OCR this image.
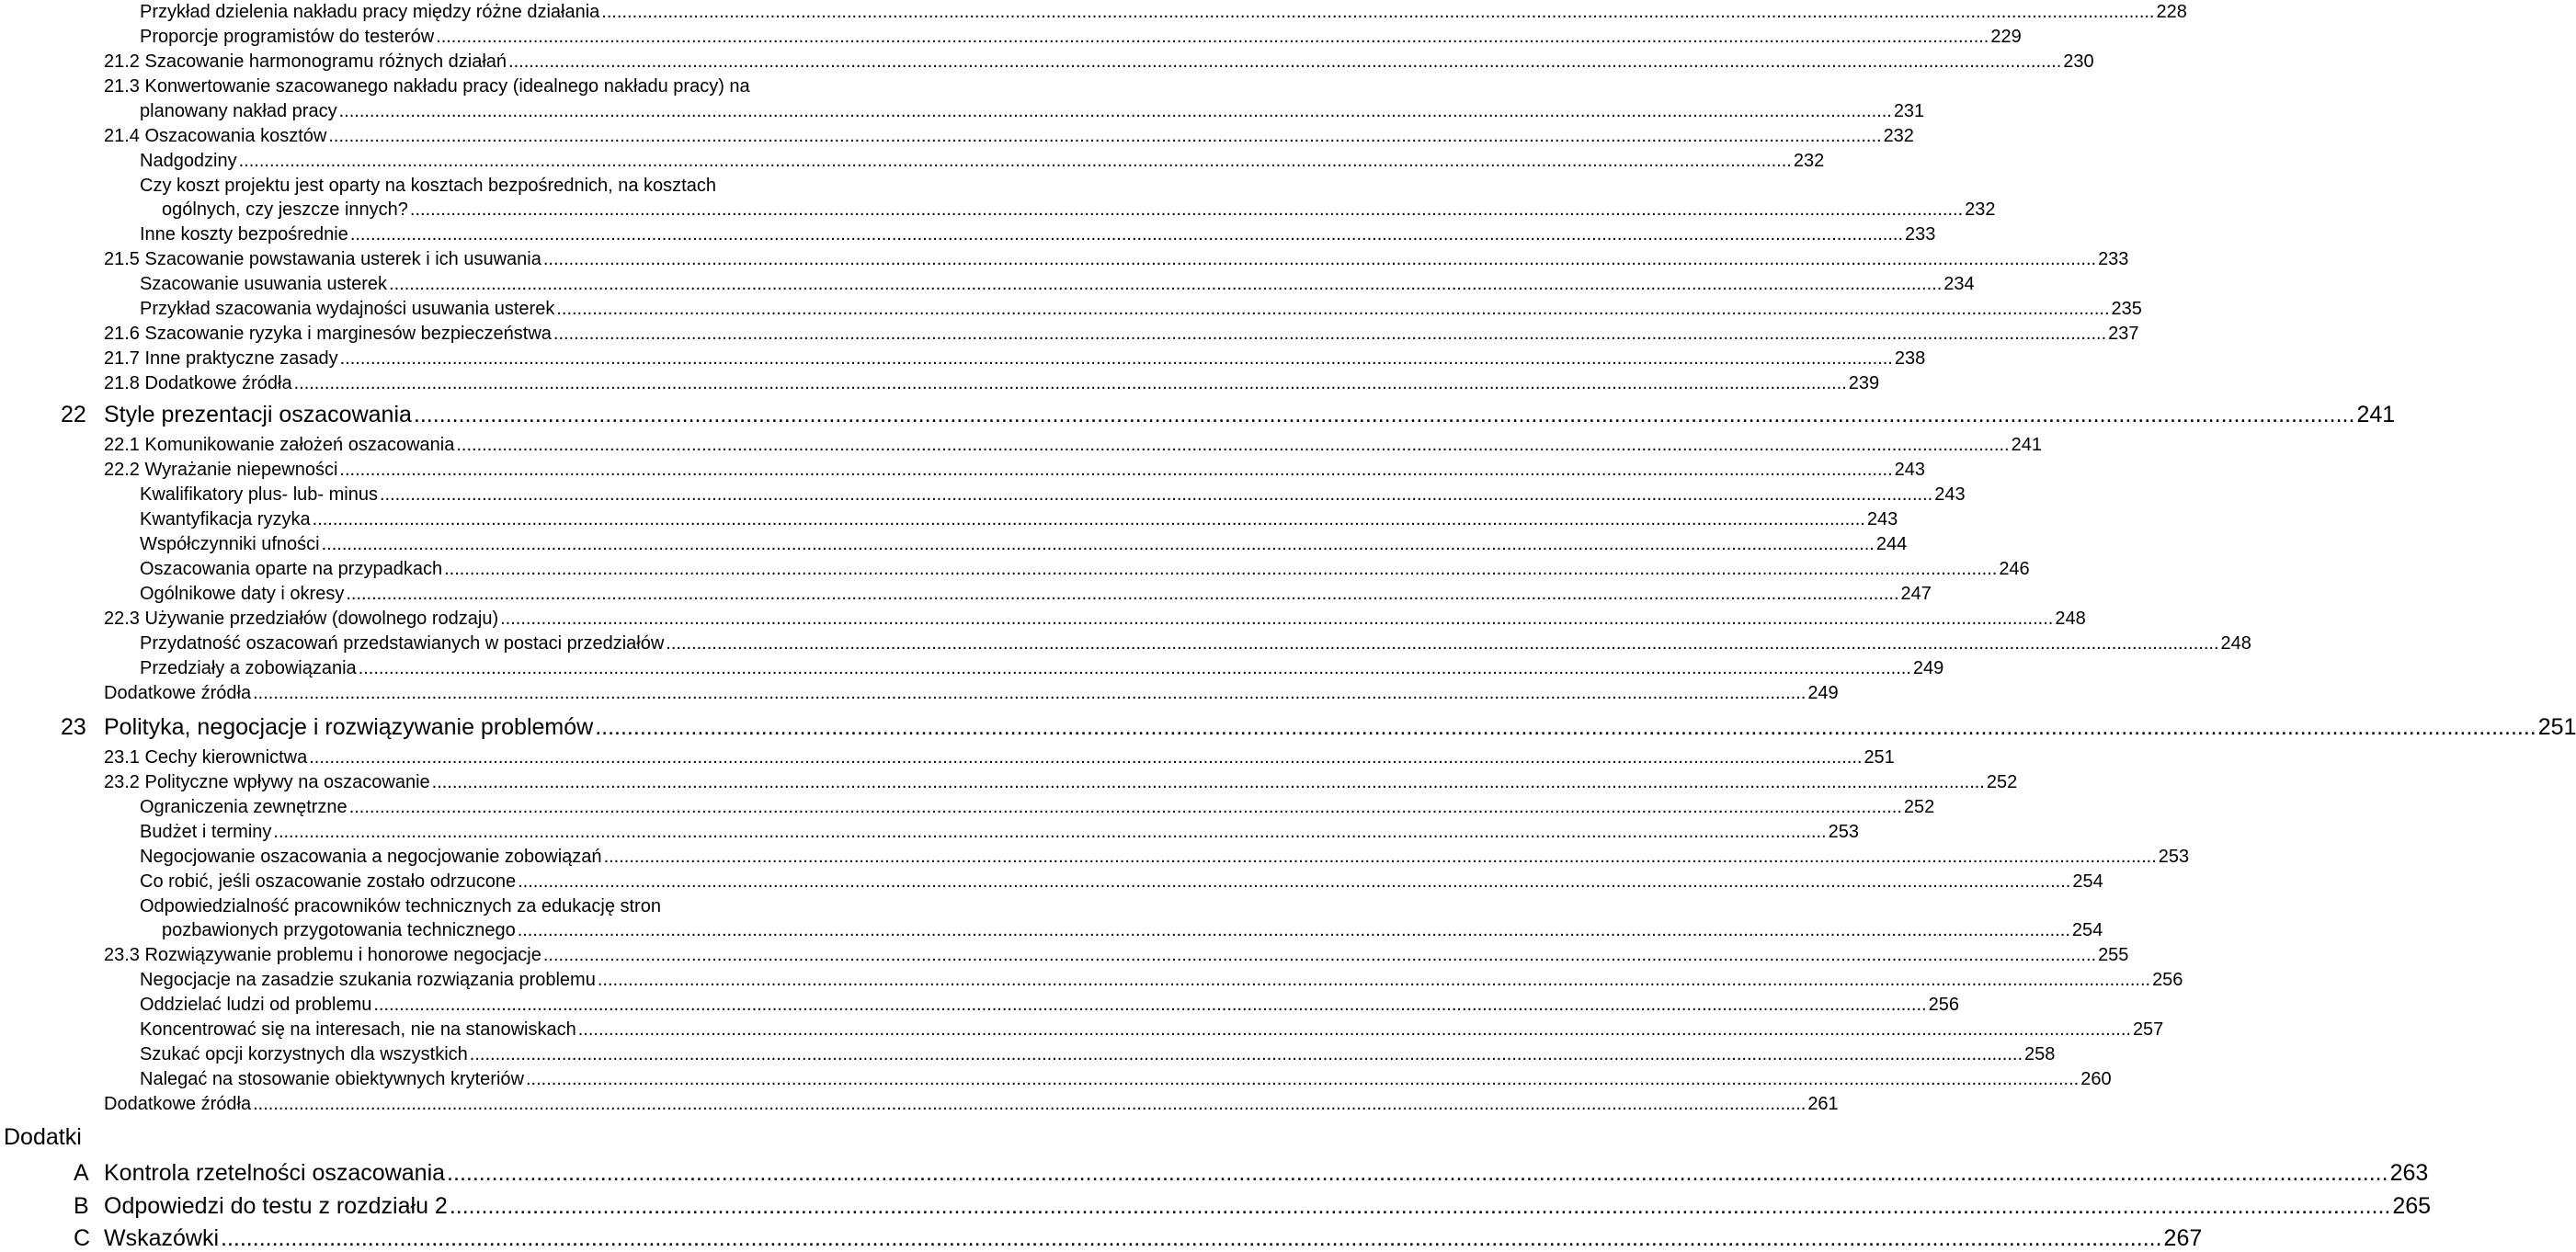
Dodatki
Przykład dzielenia nakładu pracy między różne działania .....	228
Proporcje programistów do testerów .....	229
21.2 Szacowanie harmonogramu różnych działań .....	230
21.3 Konwertowanie szacowanego nakładu pracy (idealnego nakładu pracy) na
planowany nakład pracy .....	231
21.4 Oszacowania kosztów .....	232
Nadgodziny .....	232
Czy koszt projektu jest oparty na kosztach bezpośrednich, na kosztach
ogólnych, czy jeszcze innych? .....	232
Inne koszty bezpośrednie .....	233
21.5 Szacowanie powstawania usterek i ich usuwania .....	233
Szacowanie usuwania usterek .....	234
Przykład szacowania wydajności usuwania usterek .....	235
21.6 Szacowanie ryzyka i marginesów bezpieczeństwa .....	237
21.7 Inne praktyczne zasady .....	238
21.8 Dodatkowe źródła .....	239
22 Style prezentacji oszacowania .....	241
22.1 Komunikowanie założeń oszacowania .....	241
22.2 Wyrażanie niepewności .....	243
Kwalifikatory plus‐ lub‐ minus .....	243
Kwantyfikacja ryzyka .....	243
Współczynniki ufności .....	244
Oszacowania oparte na przypadkach .....	246
Ogólnikowe daty i okresy .....	247
22.3 Używanie przedziałów (dowolnego rodzaju) .....	248
Przydatność oszacowań przedstawianych w postaci przedziałów .....	248
Przedziały a zobowiązania .....	249
Dodatkowe źródła .....	249
23 Polityka, negocjacje i rozwiązywanie problemów .....	251
23.1 Cechy kierownictwa .....	251
23.2 Polityczne wpływy na oszacowanie .....	252
Ograniczenia zewnętrzne .....	252
Budżet i terminy .....	253
Negocjowanie oszacowania a negocjowanie zobowiązań .....	253
Co robić, jeśli oszacowanie zostało odrzucone .....	254
Odpowiedzialność pracowników technicznych za edukację stron
pozbawionych przygotowania technicznego .....	254
23.3 Rozwiązywanie problemu i honorowe negocjacje .....	255
Negocjacje na zasadzie szukania rozwiązania problemu .....	256
Oddzielać ludzi od problemu .....	256
Koncentrować się na interesach, nie na stanowiskach .....	257
Szukać opcji korzystnych dla wszystkich .....	258
Nalegać na stosowanie obiektywnych kryteriów .....	260
Dodatkowe źródła .....	261
A Kontrola rzetelności oszacowania .....	263
B Odpowiedzi do testu z rozdziału 2 .....	265
C Wskazówki .....	267
